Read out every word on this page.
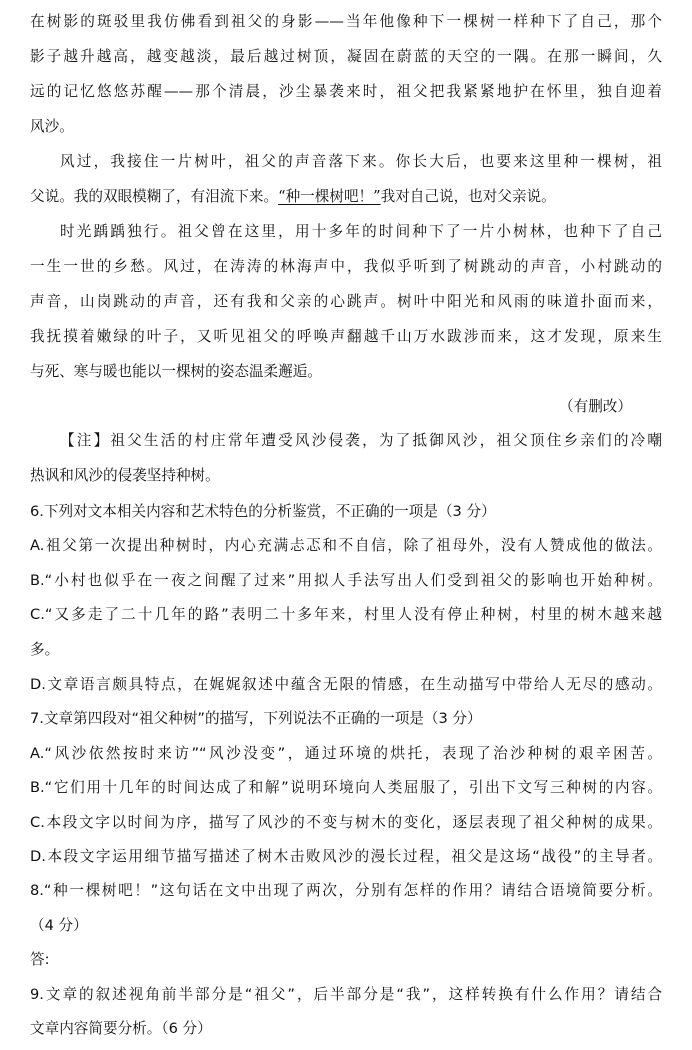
在树影的斑驳里我仿佛看到祖父的身影——当年他像种下一棵树一样种下了自己，那个
影子越升越高，越变越淡，最后越过树顶，凝固在蔚蓝的天空的一隅。在那一瞬间，久
远的记忆悠悠苏醒——那个清晨，沙尘暴袭来时，祖父把我紧紧地护在怀里，独自迎着
风沙。
风过，我接住一片树叶，祖父的声音落下来。你长大后，也要来这里种一棵树，祖
父说。我的双眼模糊了，有泪流下来。“种一棵树吧！”我对自己说，也对父亲说。
时光踽踽独行。祖父曾在这里，用十多年的时间种下了一片小树林，也种下了自己
一生一世的乡愁。风过，在涛涛的林海声中，我似乎听到了树跳动的声音，小村跳动的
声音，山岗跳动的声音，还有我和父亲的心跳声。树叶中阳光和风雨的味道扑面而来，
我抚摸着嫩绿的叶子，又听见祖父的呼唤声翻越千山万水跋涉而来，这才发现，原来生
与死、寒与暖也能以一棵树的姿态温柔邂逅。
（有删改）
【注】祖父生活的村庄常年遭受风沙侵袭，为了抵御风沙，祖父顶住乡亲们的冷嘲
热讽和风沙的侵袭坚持种树。
6.下列对文本相关内容和艺术特色的分析鉴赏，不正确的一项是（3 分）
A.祖父第一次提出种树时，内心充满忐忑和不自信，除了祖母外，没有人赞成他的做法。
B.“小村也似乎在一夜之间醒了过来”用拟人手法写出人们受到祖父的影响也开始种树。
C.“又多走了二十几年的路”表明二十多年来，村里人没有停止种树，村里的树木越来越
多。
D.文章语言颇具特点，在娓娓叙述中蕴含无限的情感，在生动描写中带给人无尽的感动。
7.文章第四段对“祖父种树”的描写，下列说法不正确的一项是（3 分）
A.“风沙依然按时来访”“风沙没变”，通过环境的烘托，表现了治沙种树的艰辛困苦。
B.“它们用十几年的时间达成了和解”说明环境向人类屈服了，引出下文写三种树的内容。
C.本段文字以时间为序，描写了风沙的不变与树木的变化，逐层表现了祖父种树的成果。
D.本段文字运用细节描写描述了树木击败风沙的漫长过程，祖父是这场“战役”的主导者。
8.“种一棵树吧！”这句话在文中出现了两次，分别有怎样的作用？请结合语境简要分析。
（4 分）
答:
9.文章的叙述视角前半部分是“祖父”，后半部分是“我”，这样转换有什么作用？请结合
文章内容简要分析。（6 分）
